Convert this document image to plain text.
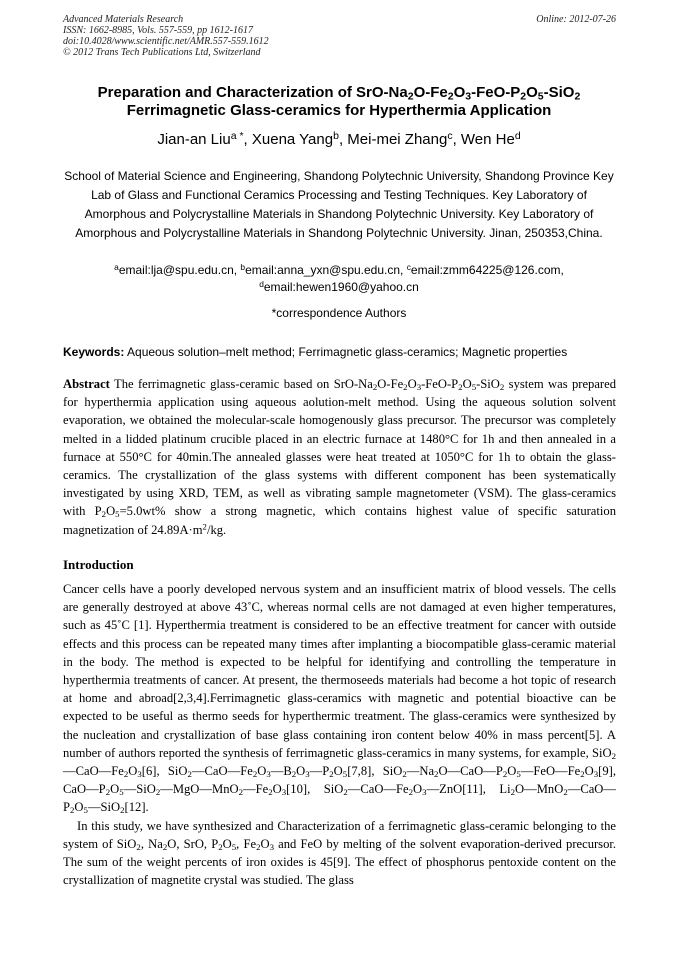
Advanced Materials Research
ISSN: 1662-8985, Vols. 557-559, pp 1612-1617
doi:10.4028/www.scientific.net/AMR.557-559.1612
© 2012 Trans Tech Publications Ltd, Switzerland
Online: 2012-07-26
Preparation and Characterization of SrO-$Na_2O-Fe_2O_3-FeO-P_2O_5-SiO_2$
Ferrimagnetic Glass-ceramics for Hyperthermia Application
Jian-an Liu$^{a *}$, Xuena Yang$^b$, Mei-mei Zhang$^c$, Wen He$^d$
School of Material Science and Engineering, Shandong Polytechnic University, Shandong Province Key Lab of Glass and Functional Ceramics Processing and Testing Techniques. Key Laboratory of Amorphous and Polycrystalline Materials in Shandong Polytechnic University. Key Laboratory of Amorphous and Polycrystalline Materials in Shandong Polytechnic University. Jinan, 250353,China.
$^a$email:lja@spu.edu.cn, $^b$email:anna_yxn@spu.edu.cn, $^c$email:zmm64225@126.com,
$^d$email:hewen1960@yahoo.cn
*correspondence Authors
Keywords: Aqueous solution–melt method; Ferrimagnetic glass-ceramics; Magnetic properties
Abstract The ferrimagnetic glass-ceramic based on SrO-$Na_2O-Fe_2O_3-FeO-P_2O_5-SiO_2$ system was prepared for hyperthermia application using aqueous aolution-melt method. Using the aqueous solution solvent evaporation, we obtained the molecular-scale homogenously glass precursor. The precursor was completely melted in a lidded platinum crucible placed in an electric furnace at 1480°C for 1h and then annealed in a furnace at 550°C for 40min.The annealed glasses were heat treated at 1050°C for 1h to obtain the glass-ceramics. The crystallization of the glass systems with different component has been systematically investigated by using XRD, TEM, as well as vibrating sample magnetometer (VSM). The glass-ceramics with $P_2O_5=5.0wt\%$ show a strong magnetic, which contains highest value of specific saturation magnetization of $24.89A\cdot m^2/kg$.
Introduction

Cancer cells have a poorly developed nervous system and an insufficient matrix of blood vessels. The cells are generally destroyed at above 43˚C, whereas normal cells are not damaged at even higher temperatures, such as 45˚C [1]. Hyperthermia treatment is considered to be an effective treatment for cancer with outside effects and this process can be repeated many times after implanting a biocompatible glass-ceramic material in the body. The method is expected to be helpful for identifying and controlling the temperature in hyperthermia treatments of cancer. At present, the thermoseeds materials had become a hot topic of research at home and abroad[2,3,4].Ferrimagnetic glass-ceramics with magnetic and potential bioactive can be expected to be useful as thermo seeds for hyperthermic treatment. The glass-ceramics were synthesized by the nucleation and crystallization of base glass containing iron content below 40% in mass percent[5]. A number of authors reported the synthesis of ferrimagnetic glass-ceramics in many systems, for example, $SiO_2—CaO—Fe_2O_3[6]$, $SiO_2—CaO—Fe_2O_3—B_2O_3—P_2O_5[7,8]$, $SiO_2—Na_2O—CaO—P_2O_5—FeO—Fe_2O_3[9]$, $CaO—P_2O_5—SiO_2—MgO—MnO_2—Fe_2O_3[10]$, $SiO_2—CaO—Fe_2O_3—ZnO[11]$, $Li_2O—MnO_2—CaO—P_2O_5—SiO_2[12]$.

In this study, we have synthesized and Characterization of a ferrimagnetic glass-ceramic belonging to the system of SiO$_2$, $Na_2O$, SrO, $P_2O_5$, $Fe_2O_3$ and FeO by melting of the solvent evaporation-derived precursor. The sum of the weight percents of iron oxides is 45[9]. The effect of phosphorus pentoxide content on the crystallization of magnetite crystal was studied. The glass
